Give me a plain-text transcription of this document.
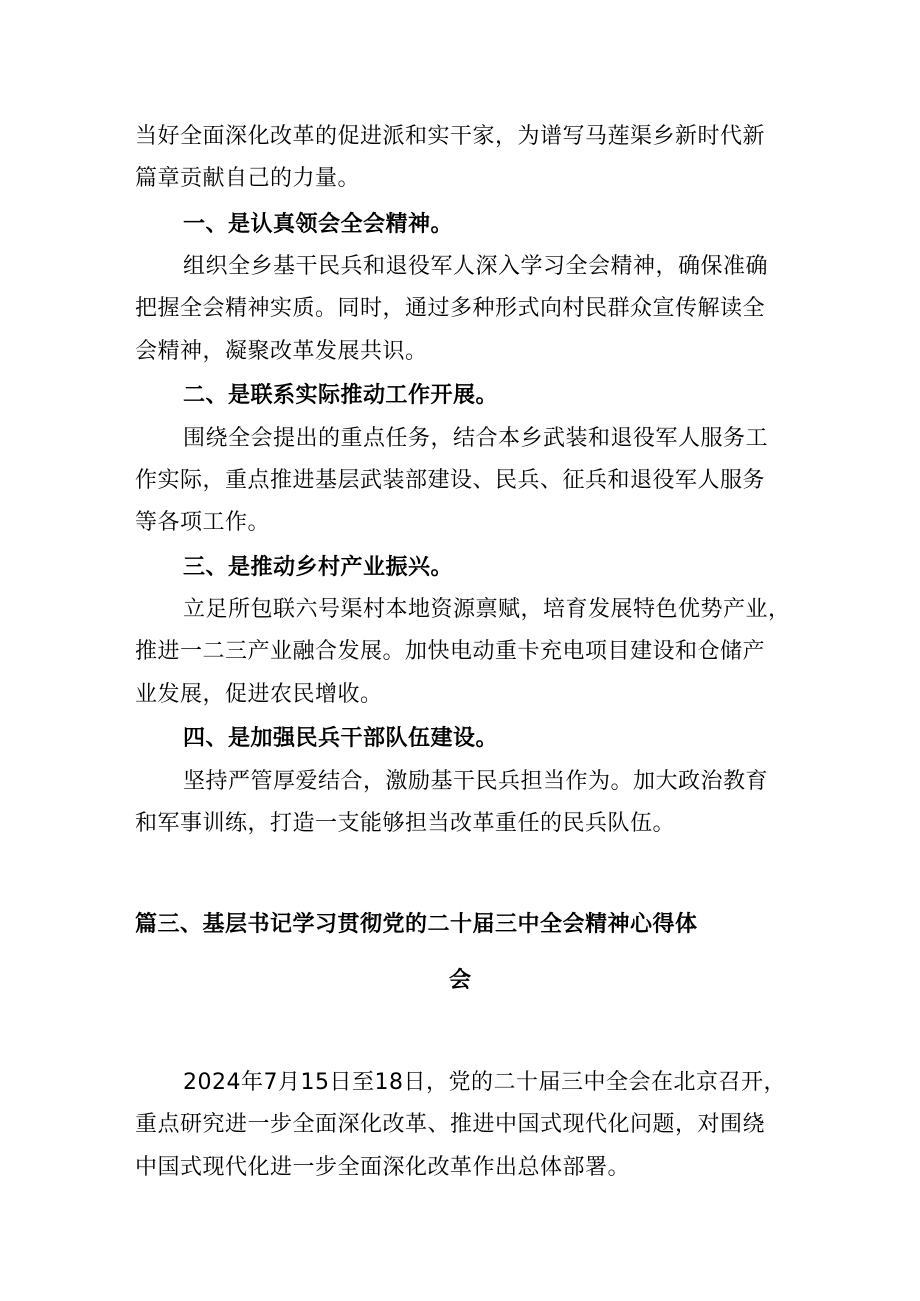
当好全面深化改革的促进派和实干家，为谱写马莲渠乡新时代新
篇章贡献自己的力量。
一、是认真领会全会精神。
组织全乡基干民兵和退役军人深入学习全会精神，确保准确
把握全会精神实质。同时，通过多种形式向村民群众宣传解读全
会精神，凝聚改革发展共识。
二、是联系实际推动工作开展。
围绕全会提出的重点任务，结合本乡武装和退役军人服务工
作实际，重点推进基层武装部建设、民兵、征兵和退役军人服务
等各项工作。
三、是推动乡村产业振兴。
立足所包联六号渠村本地资源禀赋，培育发展特色优势产业，
推进一二三产业融合发展。加快电动重卡充电项目建设和仓储产
业发展，促进农民增收。
四、是加强民兵干部队伍建设。
坚持严管厚爱结合，激励基干民兵担当作为。加大政治教育
和军事训练，打造一支能够担当改革重任的民兵队伍。
篇三、基层书记学习贯彻党的二十届三中全会精神心得体
会
2024年7月15日至18日，党的二十届三中全会在北京召开，
重点研究进一步全面深化改革、推进中国式现代化问题，对围绕
中国式现代化进一步全面深化改革作出总体部署。
